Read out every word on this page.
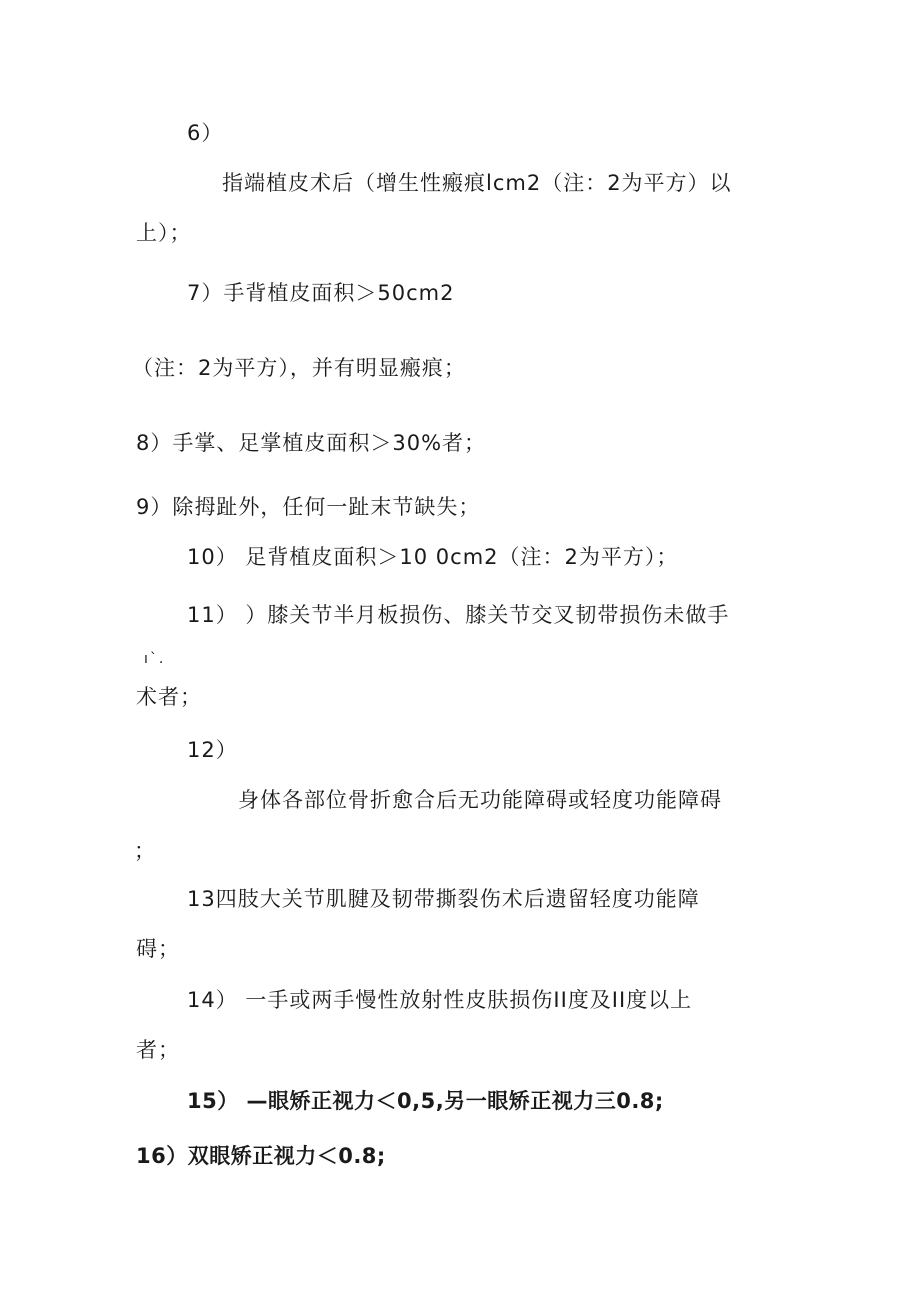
6）
指端植皮术后（增生性瘢痕lcm2（注：2为平方）以
上）；
7）手背植皮面积＞50cm2
（注：2为平方），并有明显瘢痕；
8）手掌、足掌植皮面积＞30%者；
9）除拇趾外，任何一趾末节缺失；
10） 足背植皮面积＞10 0cm2（注：2为平方）；
11） ）膝关节半月板损伤、膝关节交叉韧带损伤未做手
ı`.
术者；
12）
身体各部位骨折愈合后无功能障碍或轻度功能障碍
；
13四肢大关节肌腱及韧带撕裂伤术后遗留轻度功能障
碍；
14） 一手或两手慢性放射性皮肤损伤II度及II度以上
者；
15） —眼矫正视力＜0,5,另一眼矫正视力三0.8;
16）双眼矫正视力＜0.8;
